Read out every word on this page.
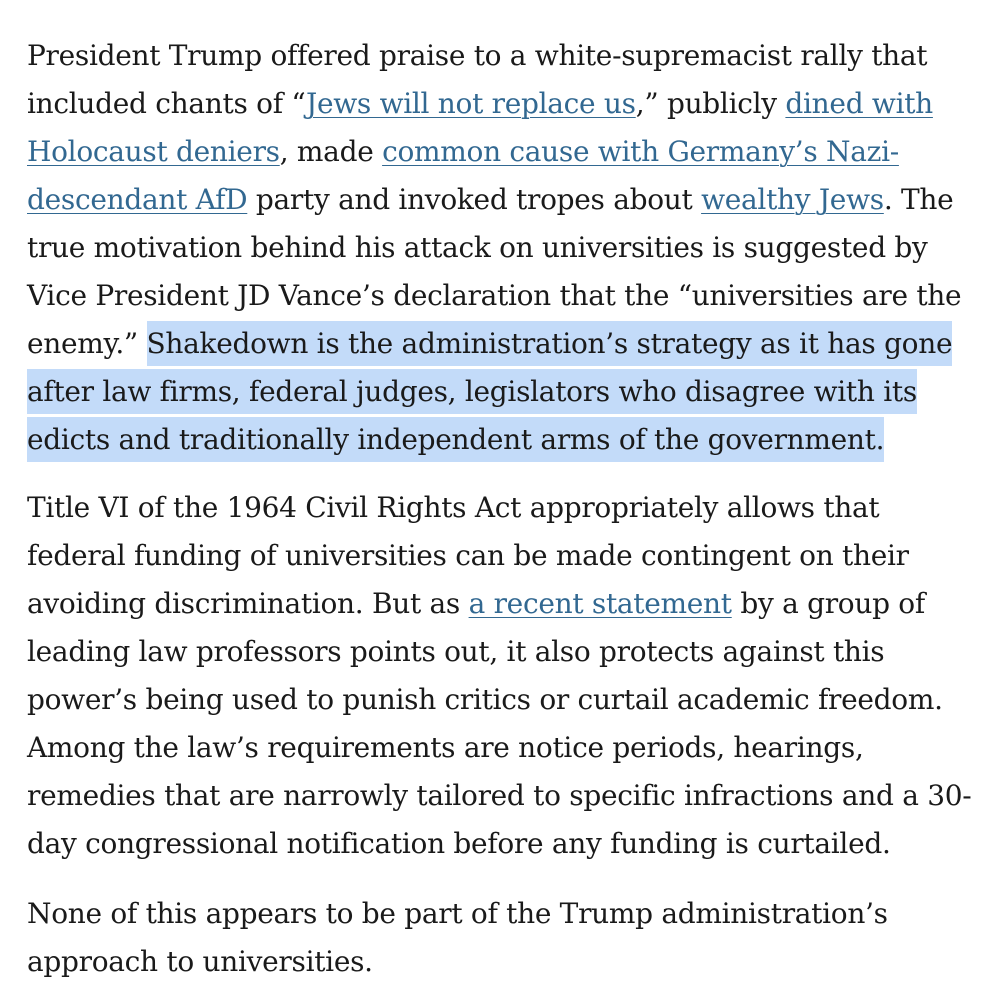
President Trump offered praise to a white-supremacist rally that
included chants of “Jews will not replace us,” publicly dined with
Holocaust deniers, made common cause with Germany’s Nazi-
descendant AfD party and invoked tropes about wealthy Jews. The
true motivation behind his attack on universities is suggested by
Vice President JD Vance’s declaration that the “universities are the
enemy.” Shakedown is the administration’s strategy as it has gone
after law firms, federal judges, legislators who disagree with its
edicts and traditionally independent arms of the government.

Title VI of the 1964 Civil Rights Act appropriately allows that
federal funding of universities can be made contingent on their
avoiding discrimination. But as a recent statement by a group of
leading law professors points out, it also protects against this
power’s being used to punish critics or curtail academic freedom.
Among the law’s requirements are notice periods, hearings,
remedies that are narrowly tailored to specific infractions and a 30-
day congressional notification before any funding is curtailed.

None of this appears to be part of the Trump administration’s
approach to universities.
